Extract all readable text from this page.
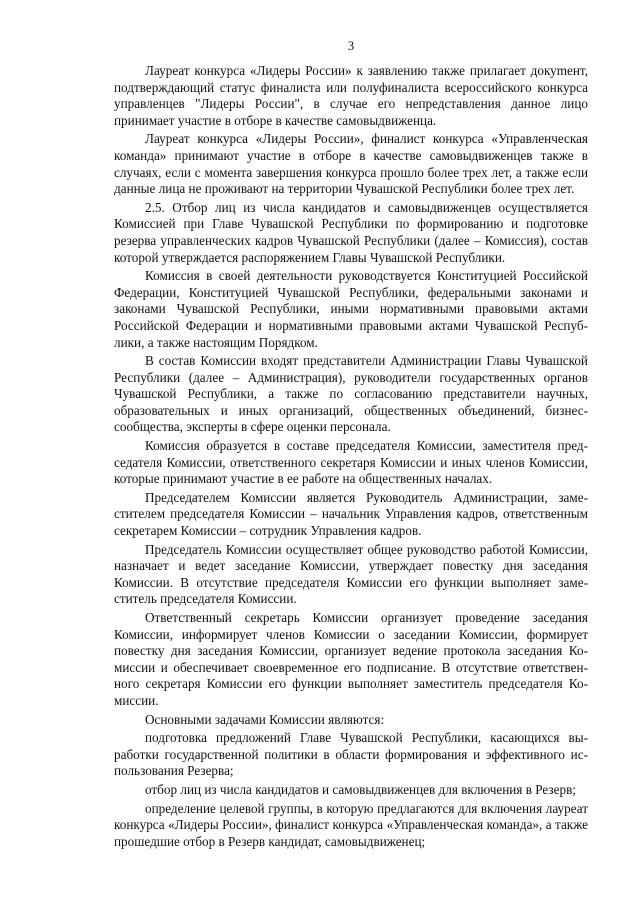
3

Лауреат конкурса «Лидеры России» к заявлению также прилагает докуmент, подтверждающий статус финалиста или полуфиналиста всероссийского конкурса управленцев "Лидеры России", в случае его непредставления данное лицо принимает участие в отборе в качестве самовыдвиженца.

Лауреат конкурса «Лидеры России», финалист конкурса «Управленческая команда» принимают участие в отборе в качестве самовыдвиженцев также в случаях, если с момента завершения конкурса прошло более трех лет, а также если данные лица не проживают на территории Чувашской Республики более трех лет.

2.5. Отбор лиц из числа кандидатов и самовыдвиженцев осуществляется Комиссией при Главе Чувашской Республики по формированию и подготовке резерва управленческих кадров Чувашской Республики (далее – Комиссия), состав которой утверждается распоряжением Главы Чувашской Республики.

Комиссия в своей деятельности руководствуется Конституцией Российской Федерации, Конституцией Чувашской Республики, федеральными законaми и законами Чувашской Республики, иными нормативными правовыми актами Российской Федерации и нормативными правовыми актами Чувашской Республики, а также настоящим Порядком.

В состав Комиссии входят представители Администрации Главы Чувашской Республики (далее – Администрация), руководители государственных органов Чувашской Республики, а также по согласованию представители научных, образовательных и иных организаций, общественных объединений, бизнес-сообщества, эксперты в сфере оценки персонала.

Комиссия образуется в составе председателя Комиссии, заместителя председателя Комиссии, ответственного секретаря Комиссии и иных членов Комиссии, которые принимают участие в ее работе на общественных началах.

Председателем Комиссии является Руководитель Администрации, заместителем председателя Комиссии – начальник Управления кадров, ответственным секретарем Комиссии – сотрудник Управления кадров.

Председатель Комиссии осуществляет общее руководство работой Комиссии, назначает и ведет заседание Комиссии, утверждает повестку дня заседания Комиссии. В отсутствие председателя Комиссии его функции выполняет заместитель председателя Комиссии.

Ответственный секретарь Комиссии организует проведение заседания Комиссии, информирует членов Комиссии о заседании Комиссии, формирует повестку дня заседания Комиссии, организует ведение протокола заседания Комиссии и обеспечивает своевременное его подписание. В отсутствие ответственного секретаря Комиссии его функции выполняет заместитель председателя Комиссии.

Основными задачами Комиссии являются:

подготовка предложений Главе Чувашской Республики, касающихся выработки государственной политики в области формирования и эффективного использования Резерва;

отбор лиц из числа кандидатов и самовыдвиженцев для включения в Резерв;

определение целевой группы, в которую предлагаются для включения лауреат конкурса «Лидеры России», финалист конкурса «Управленческая команда», а также прошедшие отбор в Резерв кандидат, самовыдвиженец;
